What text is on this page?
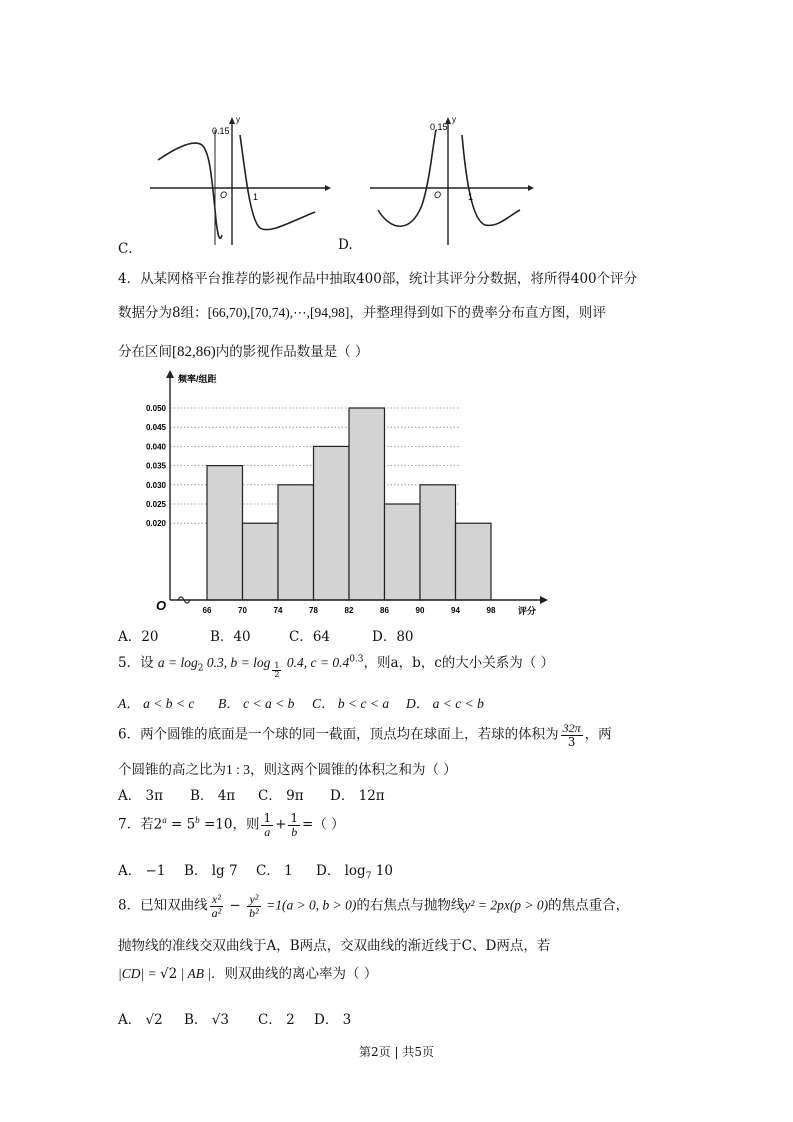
0.15
y
O	1
C．
0.15
y
O	1
D.
4．从某网格平台推荐的影视作品中抽取400部，统计其评分分数据，将所得400个评分
数据分为8组：[66,70),[70,74),⋯,[94,98]，并整理得到如下的费率分布直方图，则评
分在区间[82,86)内的影视作品数量是（ ）
0.050
0.045
0.040
0.035
0.030
0.025
0.020
66	70	74	78	82	86	90	94	98
频率/组距
评分
O
A．20	B．40	C．64	D．80
5．设 $a = \log_2 0.3$, $b = \log \frac{1}{2} 0.4$, $c = 0.4^{0.3}$，则a，b，c的大小关系为（ ）
A． a < b < c B． c < a < b C． b < c < a D． a < c < b
6．两个圆锥的底面是一个球的同一截面，顶点均在球面上，若球的体积为 $\frac{32\pi}{3}$ ，两
个圆锥的高之比为1 : 3，则这两个圆锥的体积之和为（ ）
A． 3π B． 4π C． 9π D． 12π
7．若$2^a = 5^b =10$，则 $\frac{1}{a} + \frac{1}{b}$ =（ ）
A． −1 B． lg 7 C． 1 D． $\log_7 10$
8．已知双曲线 $\frac{\text{x²}}{\text{a²}} - \frac{\text{y²}}{\text{b²}} =1(a > 0$, b > 0)的右焦点与抛物线y² = 2px(p > 0)的焦点重合，
抛物线的准线交双曲线于A，B两点，交双曲线的渐近线于C、D两点，若
|CD| = √2 | AB |．则双曲线的离心率为（ ）
A． √2 B． √3 C． 2 D． 3
第2页 | 共5页
